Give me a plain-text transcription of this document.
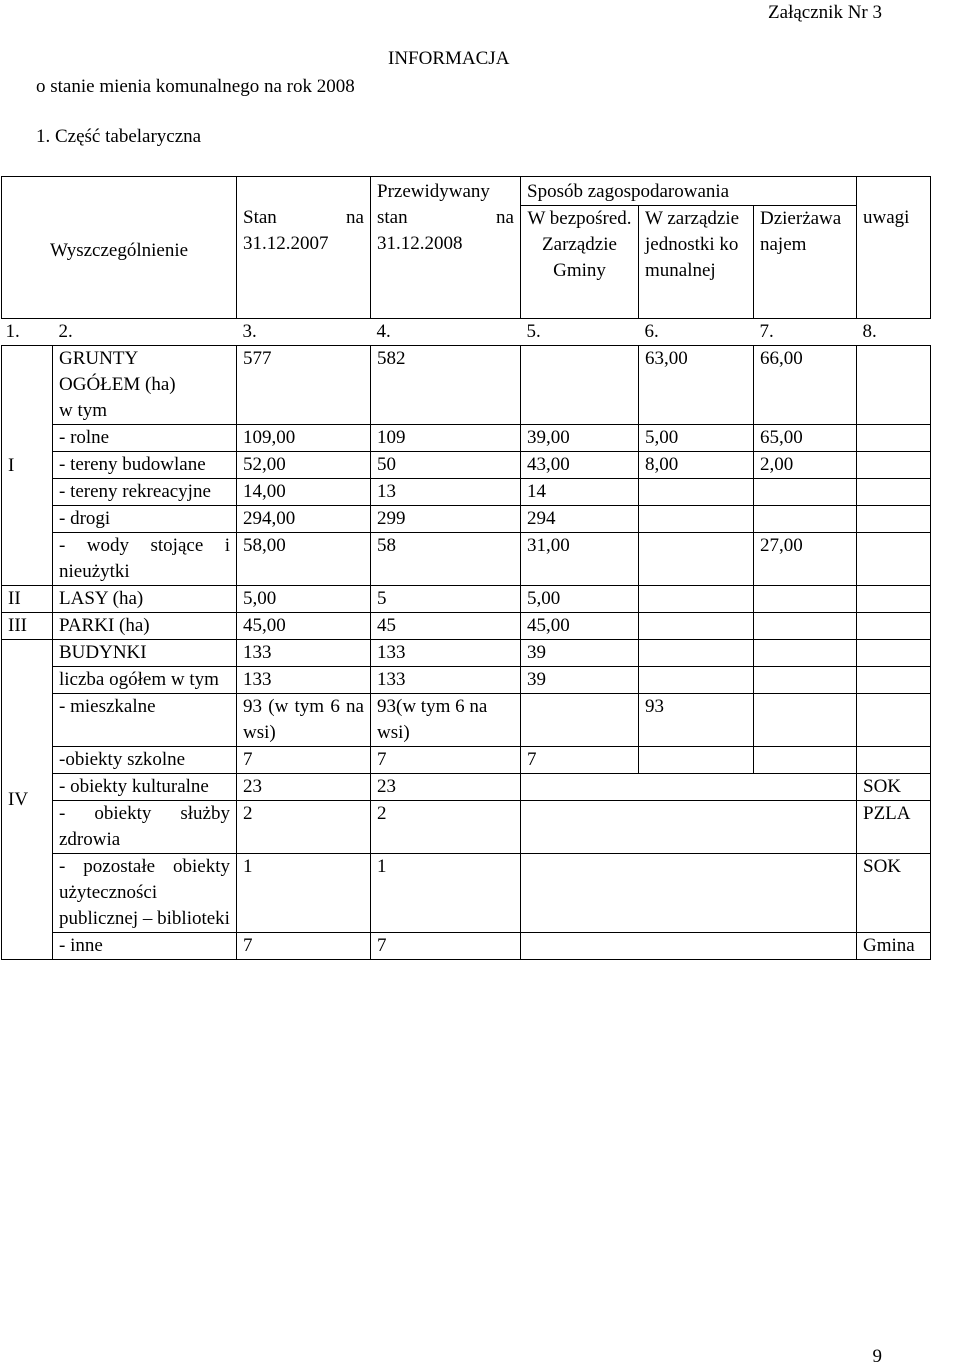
Załącznik Nr 3
INFORMACJA
o stanie mienia komunalnego na rok 2008
1. Część tabelaryczna
Wyszczególnienie		Stan na 31.12.2007	Przewidywany stan na 31.12.2008	Sposób zagospodarowania			uwagi

				W bezpośred. Zarządzie Gminy	W zarządzie jednostki komunalnej	Dzierżawa najem	
1.	2.	3.	4.	5.	6.	7.	8.
I	GRUNTY OGÓŁEM (ha) w tym	577	582		63,00	66,00	
	- rolne	109,00	109	39,00	5,00	65,00	
	- tereny budowlane	52,00	50	43,00	8,00	2,00	
	- tereny rekreacyjne	14,00	13	14			
	- drogi	294,00	299	294			
	- wody stojące i nieużytki	58,00	58	31,00		27,00	
II	LASY (ha)	5,00	5	5,00			
III	PARKI (ha)	45,00	45	45,00			
IV	BUDYNKI	133	133	39			
	liczba ogółem w tym	133	133	39			
	- mieszkalne	93 (w tym 6 na wsi)	93(w tym 6 na wsi)		93		
	-obiekty szkolne	7	7	7			
	- obiekty kulturalne	23	23				SOK
	- obiekty służby zdrowia	2	2				PZLA
	- pozostałe obiekty użyteczności publicznej – biblioteki	1	1				SOK
	- inne	7	7				Gmina
9
